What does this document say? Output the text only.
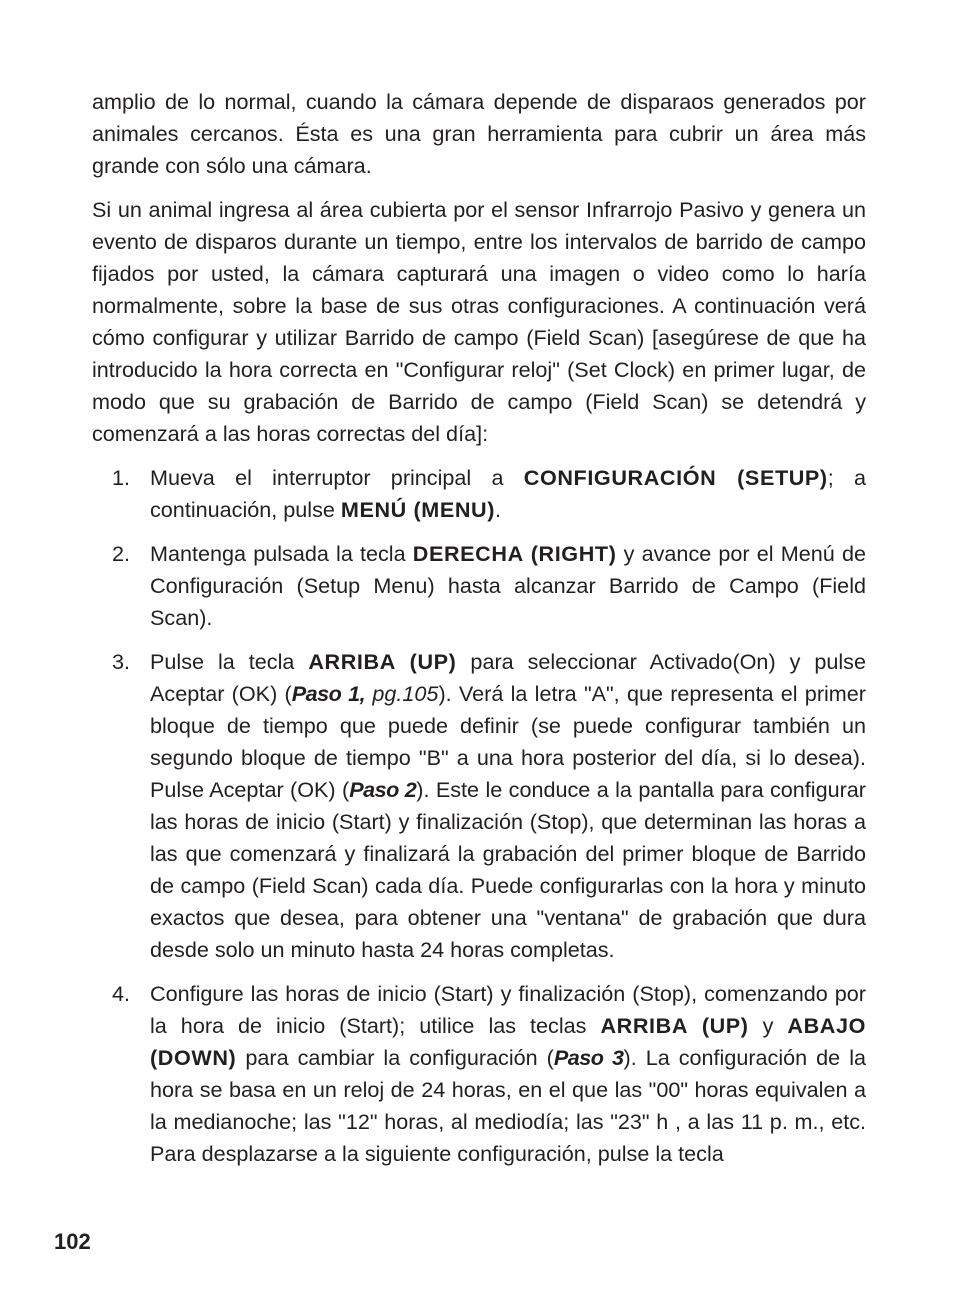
amplio de lo normal, cuando la cámara depende de disparaos generados por animales cercanos. Ésta es una gran herramienta para cubrir un área más grande con sólo una cámara.

Si un animal ingresa al área cubierta por el sensor Infrarrojo Pasivo y genera un evento de disparos durante un tiempo, entre los intervalos de barrido de campo fijados por usted, la cámara capturará una imagen o video como lo haría normalmente, sobre la base de sus otras configuraciones. A continuación verá cómo configurar y utilizar Barrido de campo (Field Scan) [asegúrese de que ha introducido la hora correcta en "Configurar reloj" (Set Clock) en primer lugar, de modo que su grabación de Barrido de campo (Field Scan) se detendrá y comenzará a las horas correctas del día]:

1. Mueva el interruptor principal a CONFIGURACIÓN (SETUP); a continuación, pulse MENÚ (MENU).
2. Mantenga pulsada la tecla DERECHA (RIGHT) y avance por el Menú de Configuración (Setup Menu) hasta alcanzar Barrido de Campo (Field Scan).
3. Pulse la tecla ARRIBA (UP) para seleccionar Activado(On) y pulse Aceptar (OK) (Paso 1, pg.105). Verá la letra "A", que representa el primer bloque de tiempo que puede definir (se puede configurar también un segundo bloque de tiempo "B" a una hora posterior del día, si lo desea). Pulse Aceptar (OK) (Paso 2). Este le conduce a la pantalla para configurar las horas de inicio (Start) y finalización (Stop), que determinan las horas a las que comenzará y finalizará la grabación del primer bloque de Barrido de campo (Field Scan) cada día. Puede configurarlas con la hora y minuto exactos que desea, para obtener una "ventana" de grabación que dura desde solo un minuto hasta 24 horas completas.
4. Configure las horas de inicio (Start) y finalización (Stop), comenzando por la hora de inicio (Start); utilice las teclas ARRIBA (UP) y ABAJO (DOWN) para cambiar la configuración (Paso 3). La configuración de la hora se basa en un reloj de 24 horas, en el que las "00" horas equivalen a la medianoche; las "12" horas, al mediodía; las "23" h , a las 11 p. m., etc. Para desplazarse a la siguiente configuración, pulse la tecla
102
